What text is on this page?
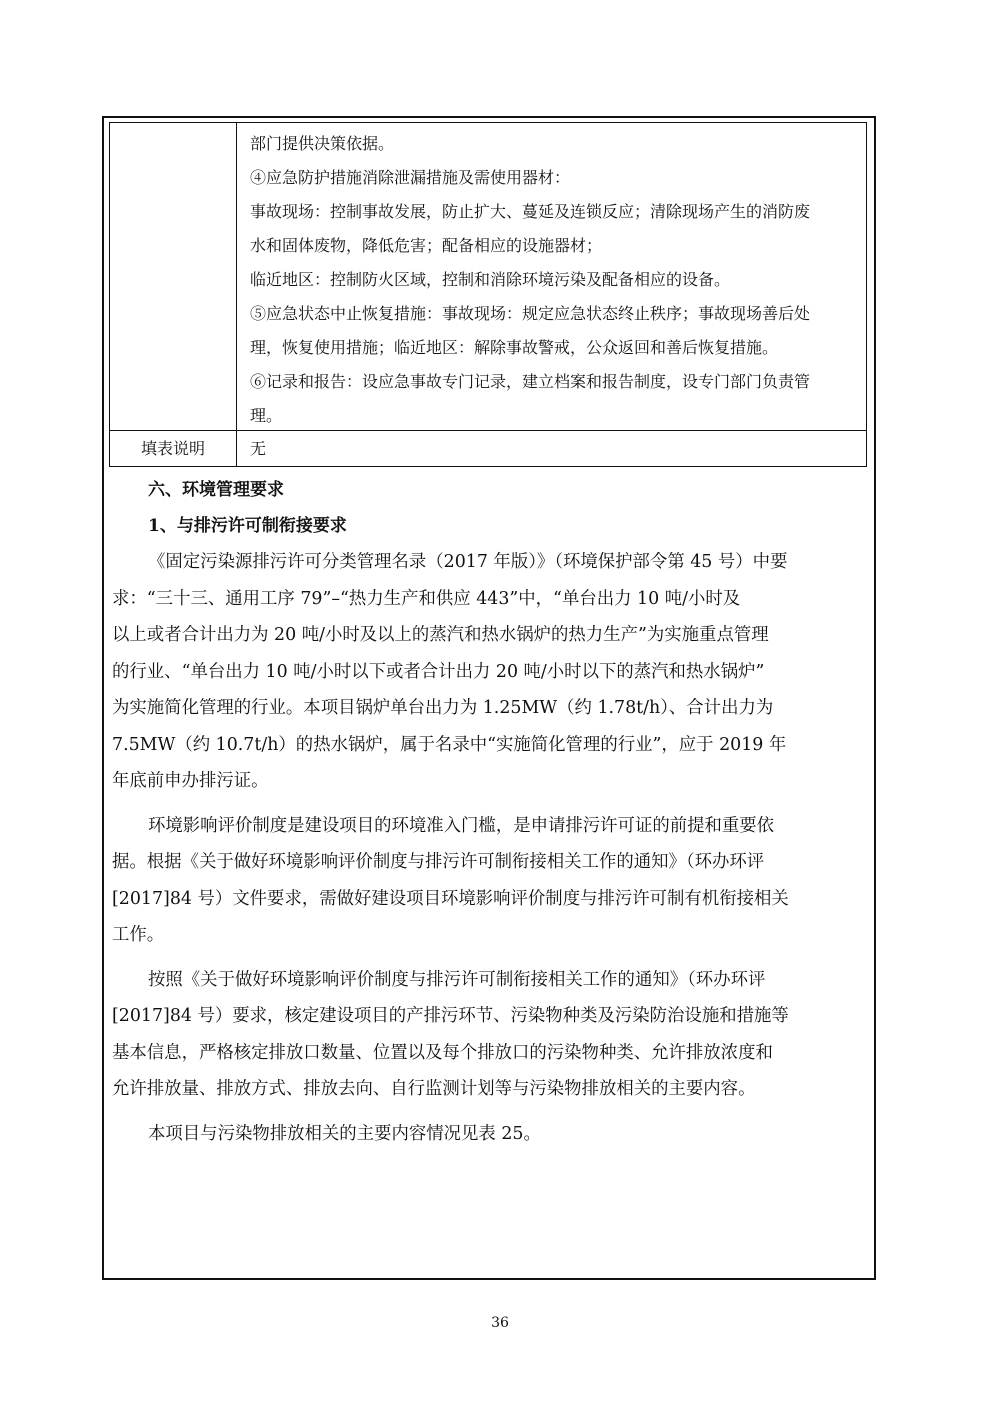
部门提供决策依据。

④应急防护措施消除泄漏措施及需使用器材：

事故现场：控制事故发展，防止扩大、蔓延及连锁反应；清除现场产生的消防废

水和固体废物，降低危害；配备相应的设施器材；

临近地区：控制防火区域，控制和消除环境污染及配备相应的设备。

⑤应急状态中止恢复措施：事故现场：规定应急状态终止秩序；事故现场善后处

理，恢复使用措施；临近地区：解除事故警戒，公众返回和善后恢复措施。

⑥记录和报告：设应急事故专门记录，建立档案和报告制度，设专门部门负责管

理。

填表说明	无

六、环境管理要求

1、与排污许可制衔接要求

《固定污染源排污许可分类管理名录（2017 年版）》（环境保护部令第 45 号）中要

求：“三十三、通用工序 79”–“热力生产和供应 443”中，“单台出力 10 吨/小时及

以上或者合计出力为 20 吨/小时及以上的蒸汽和热水锅炉的热力生产”为实施重点管理

的行业、“单台出力 10 吨/小时以下或者合计出力 20 吨/小时以下的蒸汽和热水锅炉”

为实施简化管理的行业。本项目锅炉单台出力为 1.25MW（约 1.78t/h）、合计出力为

7.5MW（约 10.7t/h）的热水锅炉，属于名录中“实施简化管理的行业”，应于 2019 年

年底前申办排污证。

环境影响评价制度是建设项目的环境准入门槛，是申请排污许可证的前提和重要依

据。根据《关于做好环境影响评价制度与排污许可制衔接相关工作的通知》（环办环评

[2017]84 号）文件要求，需做好建设项目环境影响评价制度与排污许可制有机衔接相关

工作。

按照《关于做好环境影响评价制度与排污许可制衔接相关工作的通知》（环办环评

[2017]84 号）要求，核定建设项目的产排污环节、污染物种类及污染防治设施和措施等

基本信息，严格核定排放口数量、位置以及每个排放口的污染物种类、允许排放浓度和

允许排放量、排放方式、排放去向、自行监测计划等与污染物排放相关的主要内容。

本项目与污染物排放相关的主要内容情况见表 25。

36
